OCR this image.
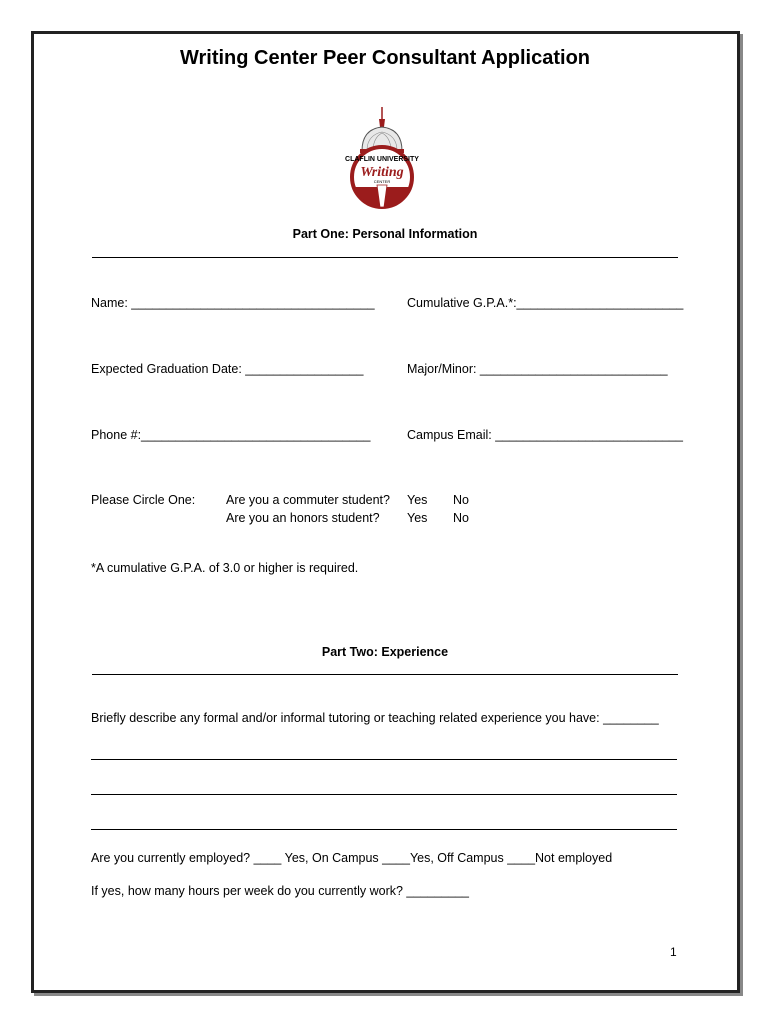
Writing Center Peer Consultant Application
CLAFLIN UNIVERSITY
Writing
CENTER
Part One: Personal Information
Name: ___________________________________	Cumulative G.P.A.*:________________________
Expected Graduation Date: _________________	Major/Minor: ___________________________
Phone #:_________________________________	Campus Email: ___________________________
Please Circle One: Are you a commuter student? Yes No
Are you an honors student? Yes No
*A cumulative G.P.A. of 3.0 or higher is required.
Part Two: Experience
Briefly describe any formal and/or informal tutoring or teaching related experience you have: ________
Are you currently employed? ____ Yes, On Campus ____Yes, Off Campus ____Not employed
If yes, how many hours per week do you currently work? _________
1
